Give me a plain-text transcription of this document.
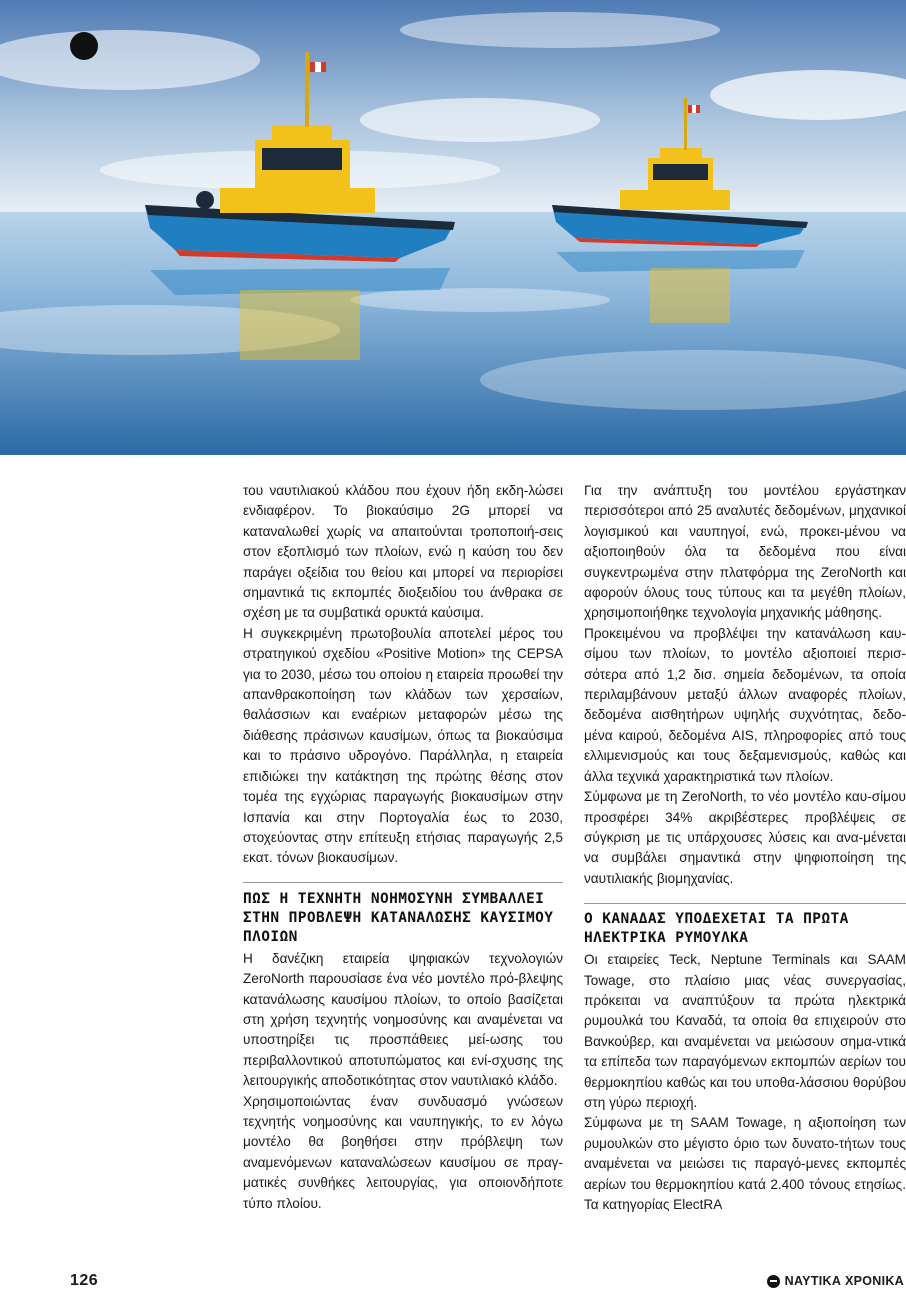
του ναυτιλιακού κλάδου που έχουν ήδη εκδη-λώσει ενδιαφέρον. Το βιοκαύσιμο 2G μπορεί να καταναλωθεί χωρίς να απαιτούνται τροποποιή-σεις στον εξοπλισμό των πλοίων, ενώ η καύση του δεν παράγει οξείδια του θείου και μπορεί να περιορίσει σημαντικά τις εκπομπές διοξειδίου του άνθρακα σε σχέση με τα συμβατικά ορυκτά καύσιμα.

Η συγκεκριμένη πρωτοβουλία αποτελεί μέρος του στρατηγικού σχεδίου «Positive Motion» της CEPSA για το 2030, μέσω του οποίου η εταιρεία προωθεί την απανθρακοποίηση των κλάδων των χερσαίων, θαλάσσιων και εναέριων μεταφορών μέσω της διάθεσης πράσινων καυσίμων, όπως τα βιοκαύσιμα και το πράσινο υδρογόνο. Παράλληλα, η εταιρεία επιδιώκει την κατάκτηση της πρώτης θέσης στον τομέα της εγχώριας παραγωγής βιοκαυσίμων στην Ισπανία και στην Πορτογαλία έως το 2030, στοχεύοντας στην επίτευξη ετήσιας παραγωγής 2,5 εκατ. τόνων βιοκαυσίμων.

ΠΩΣ Η ΤΕΧΝΗΤΗ ΝΟΗΜΟΣΥΝΗ ΣΥΜΒΑΛΛΕΙ ΣΤΗΝ ΠΡΟΒΛΕΨΗ ΚΑΤΑΝΑΛΩΣΗΣ ΚΑΥΣΙΜΟΥ ΠΛΟΙΩΝ

Η δανέζικη εταιρεία ψηφιακών τεχνολογιών ZeroNorth παρουσίασε ένα νέο μοντέλο πρό-βλεψης κατανάλωσης καυσίμου πλοίων, το οποίο βασίζεται στη χρήση τεχνητής νοημοσύνης και αναμένεται να υποστηρίξει τις προσπάθειες μεί-ωσης του περιβαλλοντικού αποτυπώματος και ενί-σχυσης της λειτουργικής αποδοτικότητας στον ναυτιλιακό κλάδο.

Χρησιμοποιώντας έναν συνδυασμό γνώσεων τεχνητής νοημοσύνης και ναυπηγικής, το εν λόγω μοντέλο θα βοηθήσει στην πρόβλεψη των αναμενόμενων καταναλώσεων καυσίμου σε πραγ-ματικές συνθήκες λειτουργίας, για οποιονδήποτε τύπο πλοίου.

Για την ανάπτυξη του μοντέλου εργάστηκαν περισσότεροι από 25 αναλυτές δεδομένων, μηχανικοί λογισμικού και ναυπηγοί, ενώ, προκει-μένου να αξιοποιηθούν όλα τα δεδομένα που είναι συγκεντρωμένα στην πλατφόρμα της ZeroNorth και αφορούν όλους τους τύπους και τα μεγέθη πλοίων, χρησιμοποιήθηκε τεχνολογία μηχανικής μάθησης.

Προκειμένου να προβλέψει την κατανάλωση καυ-σίμου των πλοίων, το μοντέλο αξιοποιεί περισ-σότερα από 1,2 δισ. σημεία δεδομένων, τα οποία περιλαμβάνουν μεταξύ άλλων αναφορές πλοίων, δεδομένα αισθητήρων υψηλής συχνότητας, δεδο-μένα καιρού, δεδομένα AIS, πληροφορίες από τους ελλιμενισμούς και τους δεξαμενισμούς, καθώς και άλλα τεχνικά χαρακτηριστικά των πλοίων.

Σύμφωνα με τη ZeroNorth, το νέο μοντέλο καυ-σίμου προσφέρει 34% ακριβέστερες προβλέψεις σε σύγκριση με τις υπάρχουσες λύσεις και ανα-μένεται να συμβάλει σημαντικά στην ψηφιοποίηση της ναυτιλιακής βιομηχανίας.

Ο ΚΑΝΑΔΑΣ ΥΠΟΔΕΧΕΤΑΙ ΤΑ ΠΡΩΤΑ ΗΛΕΚΤΡΙΚΑ ΡΥΜΟΥΛΚΑ

Οι εταιρείες Teck, Neptune Terminals και SAAM Towage, στο πλαίσιο μιας νέας συνεργασίας, πρόκειται να αναπτύξουν τα πρώτα ηλεκτρικά ρυμουλκά του Καναδά, τα οποία θα επιχειρούν στο Βανκούβερ, και αναμένεται να μειώσουν σημα-ντικά τα επίπεδα των παραγόμενων εκπομπών αερίων του θερμοκηπίου καθώς και του υποθα-λάσσιου θορύβου στη γύρω περιοχή.

Σύμφωνα με τη SAAM Towage, η αξιοποίηση των ρυμουλκών στο μέγιστο όριο των δυνατο-τήτων τους αναμένεται να μειώσει τις παραγό-μενες εκπομπές αερίων του θερμοκηπίου κατά 2.400 τόνους ετησίως. Τα κατηγορίας ElectRA

126	ΝΑΥΤΙΚΑ ΧΡΟΝΙΚΑ
